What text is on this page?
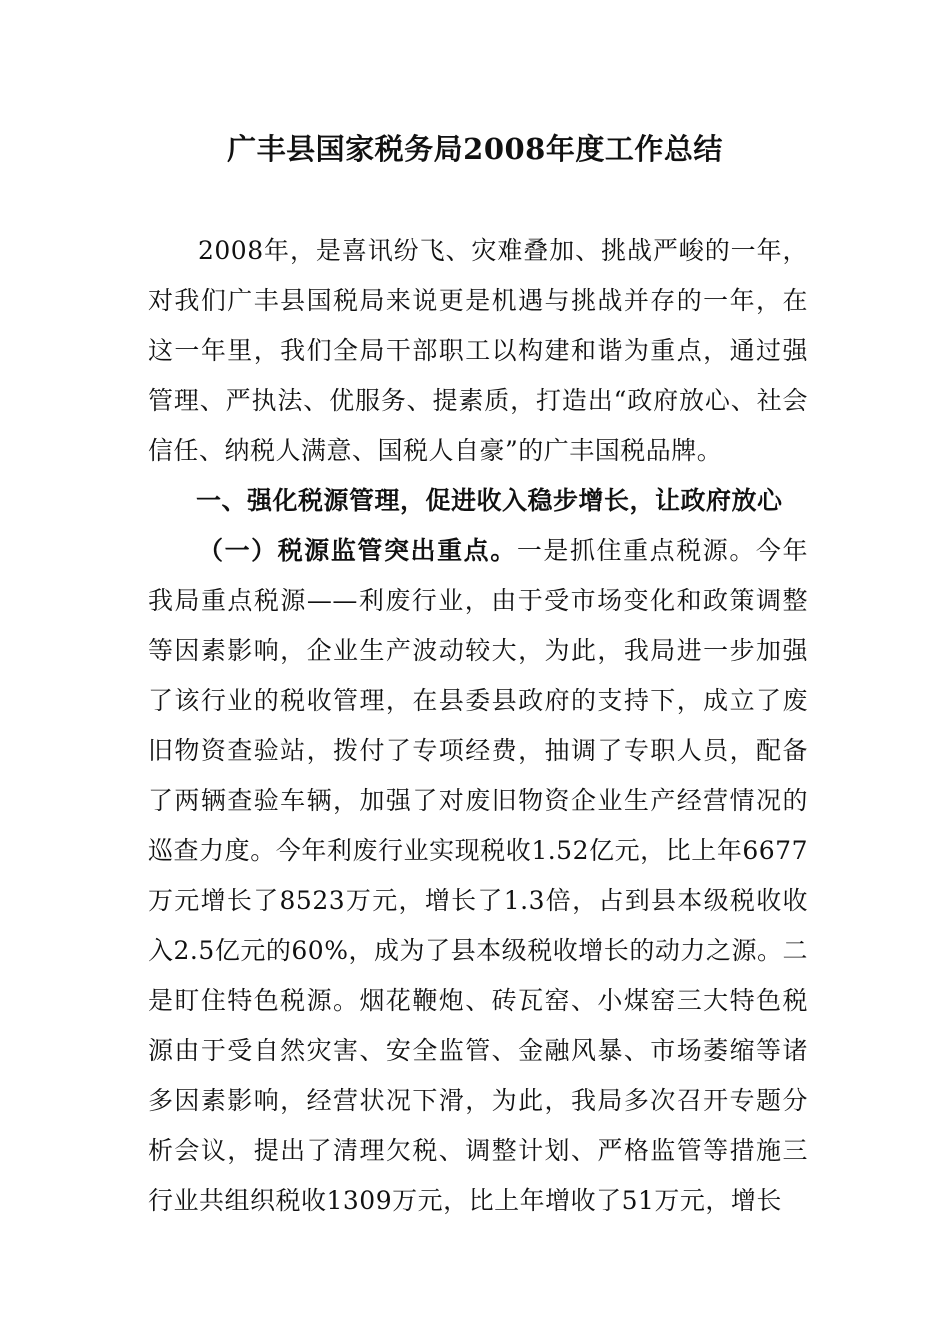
广丰县国家税务局2008年度工作总结
2008年，是喜讯纷飞、灾难叠加、挑战严峻的一年，对我们广丰县国税局来说更是机遇与挑战并存的一年，在这一年里，我们全局干部职工以构建和谐为重点，通过强管理、严执法、优服务、提素质，打造出“政府放心、社会信任、纳税人满意、国税人自豪”的广丰国税品牌。
一、强化税源管理，促进收入稳步增长，让政府放心
（一）税源监管突出重点。一是抓住重点税源。今年我局重点税源——利废行业，由于受市场变化和政策调整等因素影响，企业生产波动较大，为此，我局进一步加强了该行业的税收管理，在县委县政府的支持下，成立了废旧物资查验站，拨付了专项经费，抽调了专职人员，配备了两辆查验车辆，加强了对废旧物资企业生产经营情况的巡查力度。今年利废行业实现税收1.52亿元，比上年6677万元增长了8523万元，增长了1.3倍，占到县本级税收收入2.5亿元的60%，成为了县本级税收增长的动力之源。二是盯住特色税源。烟花鞭炮、砖瓦窑、小煤窑三大特色税源由于受自然灾害、安全监管、金融风暴、市场萎缩等诸多因素影响，经营状况下滑，为此，我局多次召开专题分析会议，提出了清理欠税、调整计划、严格监管等措施三行业共组织税收1309万元，比上年增收了51万元，增长
